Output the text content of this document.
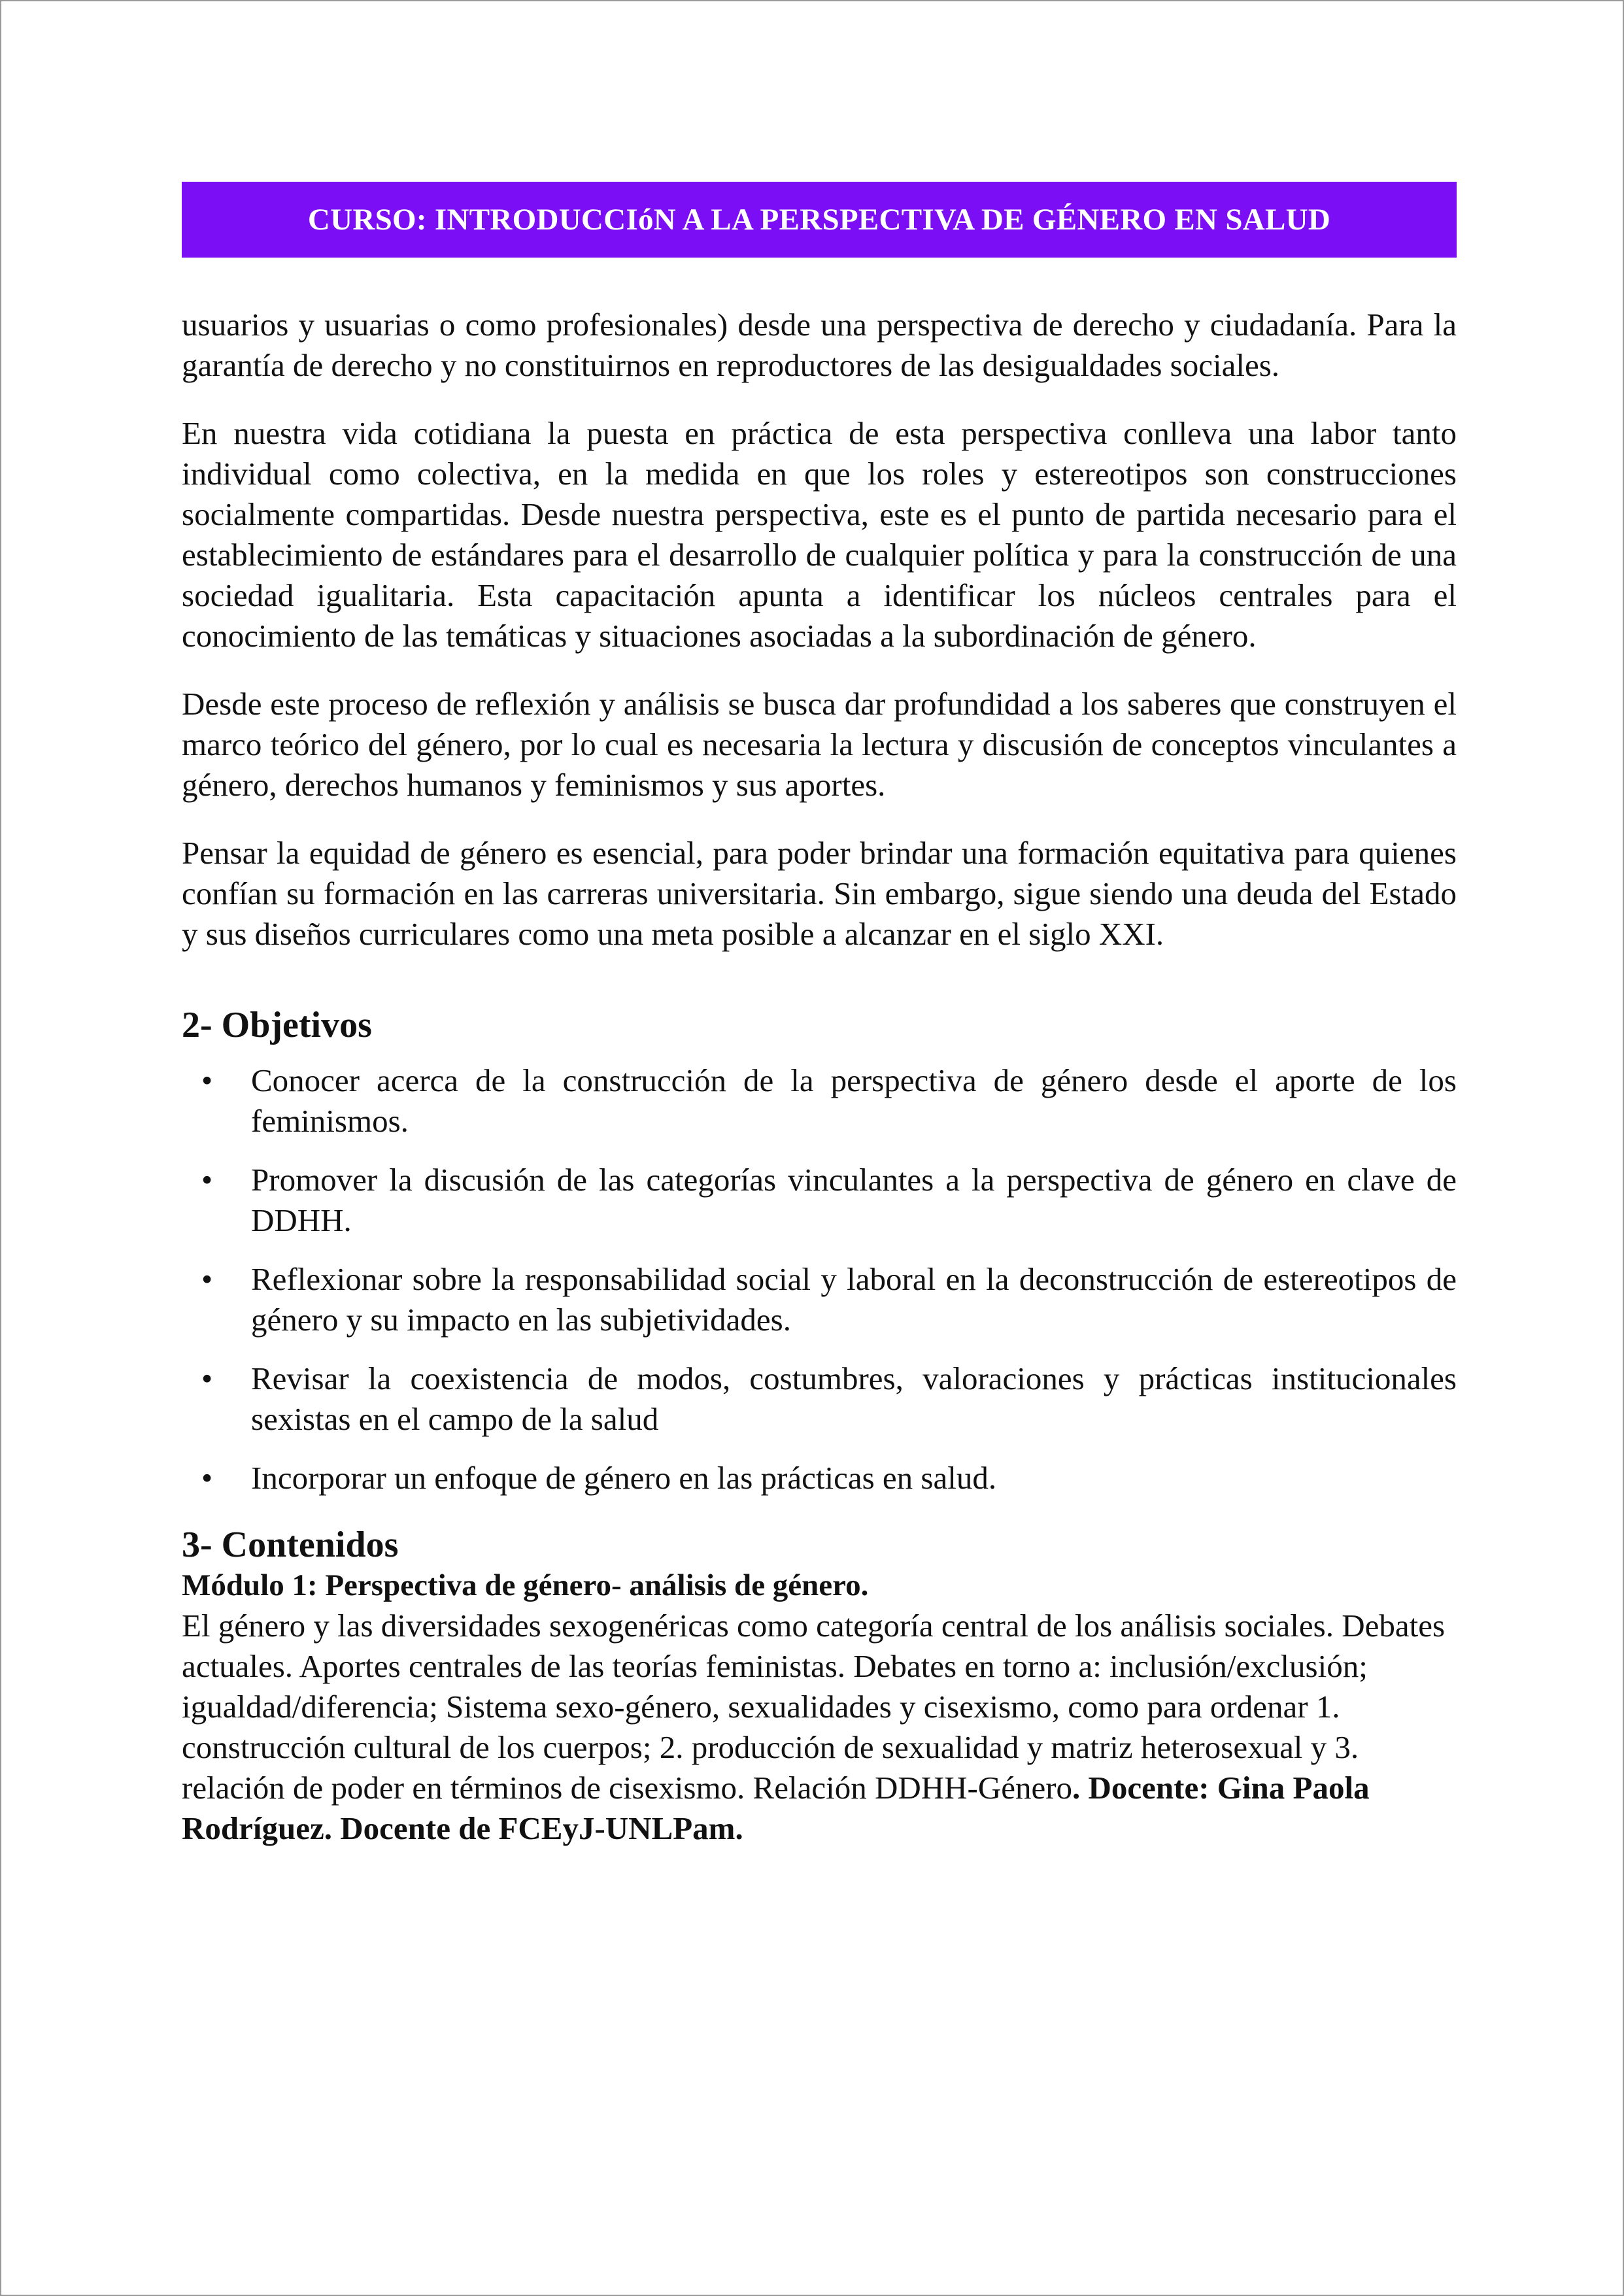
CURSO: INTRODUCCIóN A LA PERSPECTIVA DE GÉNERO EN SALUD

usuarios y usuarias o como profesionales) desde una perspectiva de derecho y ciudadanía. Para la garantía de derecho y no constituirnos en reproductores de las desigualdades sociales.

En nuestra vida cotidiana la puesta en práctica de esta perspectiva conlleva una labor tanto individual como colectiva, en la medida en que los roles y estereotipos son construcciones socialmente compartidas. Desde nuestra perspectiva, este es el punto de partida necesario para el establecimiento de estándares para el desarrollo de cualquier política y para la construcción de una sociedad igualitaria. Esta capacitación apunta a identificar los núcleos centrales para el conocimiento de las temáticas y situaciones asociadas a la subordinación de género.

Desde este proceso de reflexión y análisis se busca dar profundidad a los saberes que construyen el marco teórico del género, por lo cual es necesaria la lectura y discusión de conceptos vinculantes a género, derechos humanos y feminismos y sus aportes.

Pensar la equidad de género es esencial, para poder brindar una formación equitativa para quienes confían su formación en las carreras universitaria. Sin embargo, sigue siendo una deuda del Estado y sus diseños curriculares como una meta posible a alcanzar en el siglo XXI.

2- Objetivos
• Conocer acerca de la construcción de la perspectiva de género desde el aporte de los feminismos.
• Promover la discusión de las categorías vinculantes a la perspectiva de género en clave de DDHH.
• Reflexionar sobre la responsabilidad social y laboral en la deconstrucción de estereotipos de género y su impacto en las subjetividades.
• Revisar la coexistencia de modos, costumbres, valoraciones y prácticas institucionales sexistas en el campo de la salud
• Incorporar un enfoque de género en las prácticas en salud.
3- Contenidos
Módulo 1: Perspectiva de género- análisis de género.

El género y las diversidades sexogenéricas como categoría central de los análisis sociales. Debates actuales. Aportes centrales de las teorías feministas. Debates en torno a: inclusión/exclusión; igualdad/diferencia; Sistema sexo-género, sexualidades y cisexismo, como para ordenar 1. construcción cultural de los cuerpos; 2. producción de sexualidad y matriz heterosexual y 3. relación de poder en términos de cisexismo. Relación DDHH-Género. Docente: Gina Paola Rodríguez. Docente de FCEyJ-UNLPam.
